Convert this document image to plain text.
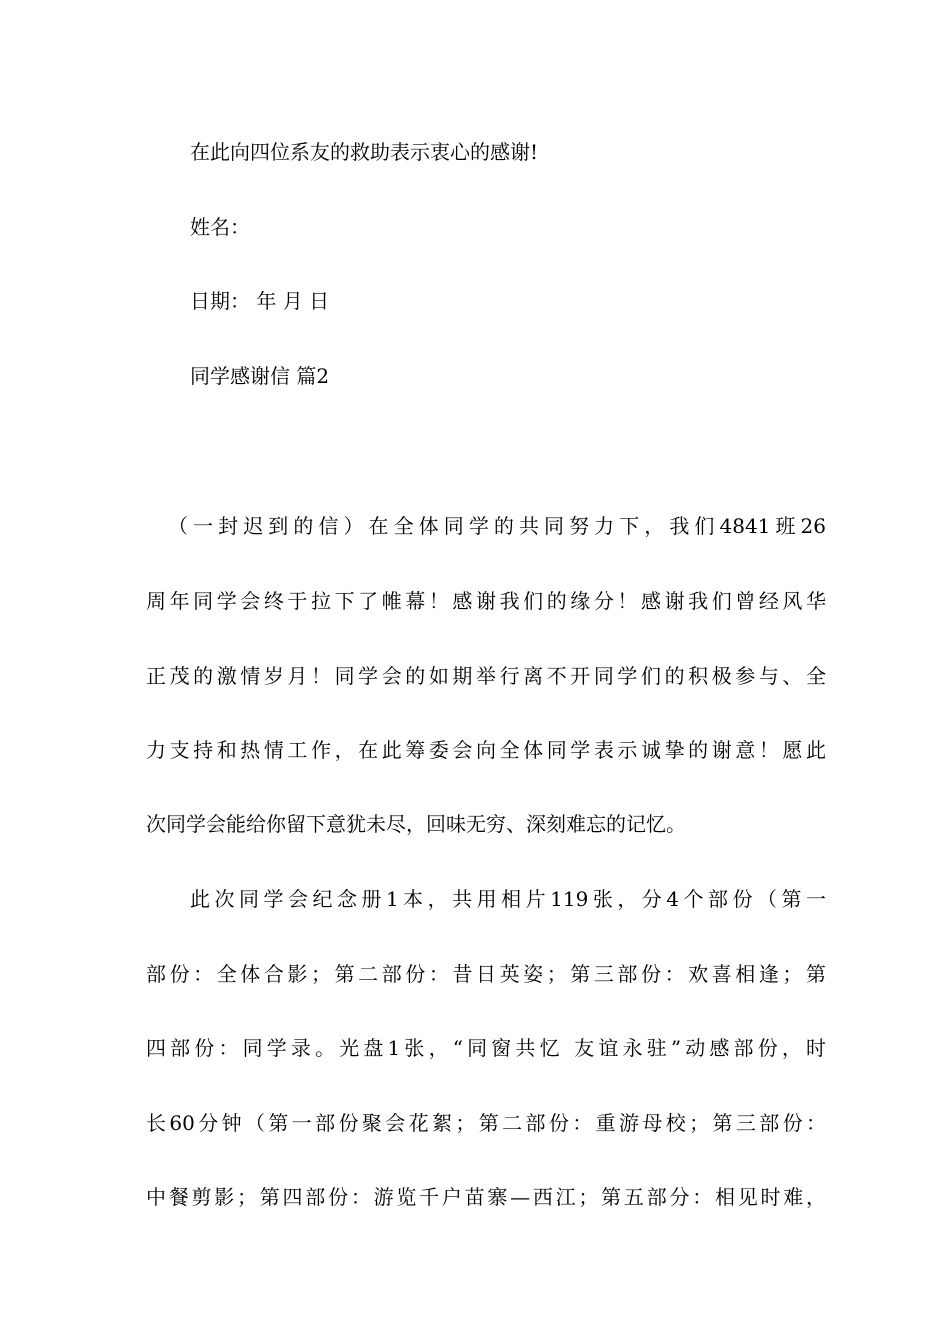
在此向四位系友的救助表示衷心的感谢!

姓名：

日期： 年 月 日

同学感谢信 篇2

（一封迟到的信）在全体同学的共同努力下，我们4841班26

周年同学会终于拉下了帷幕！感谢我们的缘分！感谢我们曾经风华

正茂的激情岁月！同学会的如期举行离不开同学们的积极参与、全

力支持和热情工作，在此筹委会向全体同学表示诚挚的谢意！愿此

次同学会能给你留下意犹未尽，回味无穷、深刻难忘的记忆。

此次同学会纪念册1本，共用相片119张，分4个部份（第一

部份：全体合影；第二部份：昔日英姿；第三部份：欢喜相逢；第

四部份：同学录。光盘1张，“同窗共忆 友谊永驻”动感部份，时

长60分钟（第一部份聚会花絮；第二部份：重游母校；第三部份：

中餐剪影；第四部份：游览千户苗寨—西江；第五部分：相见时难，
